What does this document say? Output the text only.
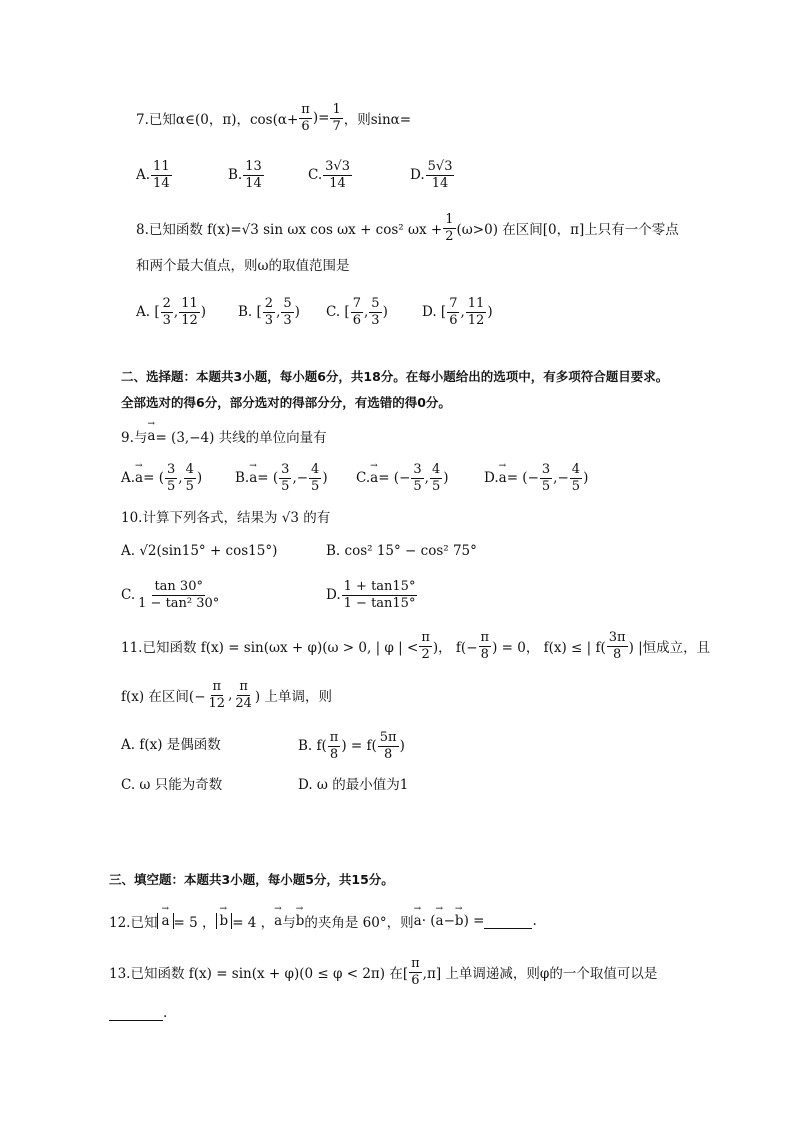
7.已知α∈(0，π)，$\cos(\alpha+ \frac{\pi}{6}$ )= $\frac{1}{7}$ ，则sinα=
A. $\frac{11}{14}$	B. $\frac{13}{14}$	C. $\frac{3√3}{14}$	D. $\frac{5√3}{14}$
8.已知函数 f(x)=√3 sin ωx cos ωx + cos² $\omega x + \frac{1}{2} (\omega>0)$ 在区间[0，π]上只有一个零点
和两个最大值点，则ω的取值范围是
A. [ $\frac{2}{3}$ , $\frac{11}{12}$ ) B. [ $\frac{2}{3}$ , $\frac{5}{3}$ ) C. [ $\frac{7}{6}$ , $\frac{5}{3}$ )	D. [ $\frac{7}{6}$ , $\frac{11}{12}$ )
二、选择题：本题共3小题，每小题6分，共18分。在每小题给出的选项中，有多项符合题目要求。
全部选对的得6分，部分选对的得部分分，有选错的得0分。
9.与 → a = (3,−4) 共线的单位向量有
A. → a = ( $\frac{3}{5}$ , $\frac{4}{5}$ ) B. → a = ( $\frac{3}{5}$ ,− $\frac{4}{5}$ ) C. → a = (− $\frac{3}{5}$ , $\frac{4}{5}$ )	D. → a = (− $\frac{3}{5}$ ,− $\frac{4}{5}$ )
10.计算下列各式，结果为 √3 的有
A. √2(sin15° + cos15°)	B. cos² 15° − cos² 75°
C. $\frac{\tan 30^\circ}{\text{1 − tan² 30°}}$	D. $\frac{1 + \tan 15^\circ}{1 - \tan 15^\circ}$
11.已知函数 f(x) = sin(ωx + φ)(ω > 0, | φ | < $\frac{\pi}{2}$ )， $f(- \frac{\pi}{8}$ ) = 0， f(x) ≤ | $f( \frac{3\pi}{8}$ ) |恒成立，且
f(x) 在区间(− $\frac{\pi}{12}$ , $\frac{\pi}{24}$ ) 上单调，则
A. f(x) 是偶函数	B. $f( \frac{\pi}{8}$ ) = $f( \frac{5\pi}{8}$ )
C. ω 只能为奇数	D. ω 的最小值为1
三、填空题：本题共3小题，每小题5分，共15分。
12.已知 → a = 5 ， → b = 4 ， → a 与 → b 的夹角是 60°，则 → a · ( → a − → b ) =	.
13.已知函数 f(x) = sin(x + φ)(0 ≤ φ < 2π) 在[ $\frac{\pi}{6} ,\pi$] 上单调递减，则φ的一个取值可以是
.
